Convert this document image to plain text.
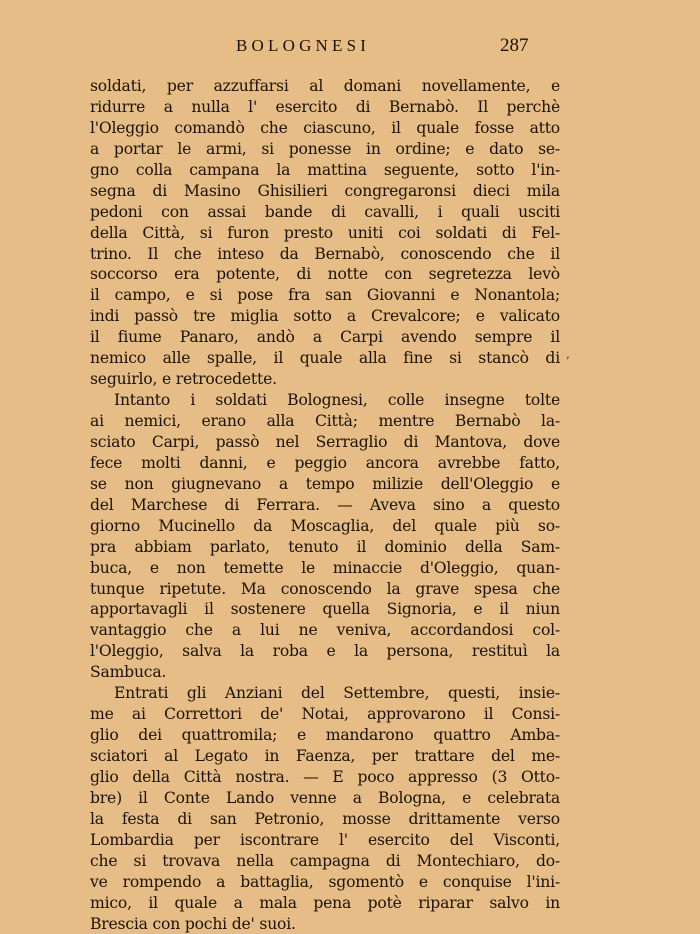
BOLOGNESI	287
soldati, per azzuffarsi al domani novellamente, e
ridurre a nulla l' esercito di Bernabò. Il perchè
l'Oleggio comandò che ciascuno, il quale fosse atto
a portar le armi, si ponesse in ordine; e dato se-
gno colla campana la mattina seguente, sotto l'in-
segna di Masino Ghisilieri congregaronsi dieci mila
pedoni con assai bande di cavalli, i quali usciti
della Città, si furon presto uniti coi soldati di Fel-
trino. Il che inteso da Bernabò, conoscendo che il
soccorso era potente, di notte con segretezza levò
il campo, e si pose fra san Giovanni e Nonantola;
indi passò tre miglia sotto a Crevalcore; e valicato
il fiume Panaro, andò a Carpi avendo sempre il
nemico alle spalle, il quale alla fine si stancò di
seguirlo, e retrocedette.
Intanto i soldati Bolognesi, colle insegne tolte
ai nemici, erano alla Città; mentre Bernabò la-
sciato Carpi, passò nel Serraglio di Mantova, dove
fece molti danni, e peggio ancora avrebbe fatto,
se non giugnevano a tempo milizie dell'Oleggio e
del Marchese di Ferrara. — Aveva sino a questo
giorno Mucinello da Moscaglia, del quale più so-
pra abbiam parlato, tenuto il dominio della Sam-
buca, e non temette le minaccie d'Oleggio, quan-
tunque ripetute. Ma conoscendo la grave spesa che
apportavagli il sostenere quella Signoria, e il niun
vantaggio che a lui ne veniva, accordandosi col-
l'Oleggio, salva la roba e la persona, restituì la
Sambuca.
Entrati gli Anziani del Settembre, questi, insie-
me ai Correttori de' Notai, approvarono il Consi-
glio dei quattromila; e mandarono quattro Amba-
sciatori al Legato in Faenza, per trattare del me-
glio della Città nostra. — E poco appresso (3 Otto-
bre) il Conte Lando venne a Bologna, e celebrata
la festa di san Petronio, mosse drittamente verso
Lombardia per iscontrare l' esercito del Visconti,
che si trovava nella campagna di Montechiaro, do-
ve rompendo a battaglia, sgomentò e conquise l'ini-
mico, il quale a mala pena potè riparar salvo in
Brescia con pochi de' suoi.
,
